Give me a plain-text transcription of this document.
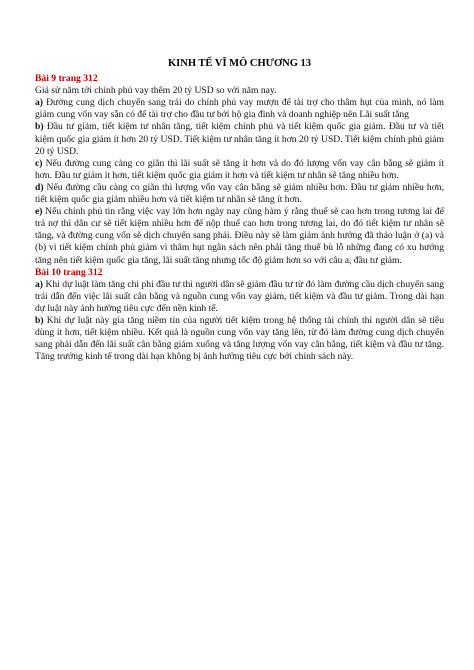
KINH TẾ VĨ MÔ CHƯƠNG 13
Bài 9 trang 312

Giả sử năm tới chính phủ vay thêm 20 tỷ USD so với năm nay.

a) Đường cung dịch chuyển sang trái do chính phủ vay mượn để tài trợ cho thâm hụt của mình, nó làm giảm cung vốn vay sẵn có để tài trợ cho đầu tư bởi hộ gia đình và doanh nghiệp nên Lãi suất tăng

b) Đầu tư giảm, tiết kiệm tư nhân tăng, tiết kiệm chính phủ và tiết kiệm quốc gia giảm. Đầu tư và tiết kiệm quốc gia giảm ít hơn 20 tỷ USD. Tiết kiệm tư nhân tăng ít hơn 20 tỷ USD. Tiết kiệm chính phủ giảm 20 tỷ USD.

c) Nếu đường cung càng co giãn thì lãi suất sẽ tăng ít hơn và do đó lượng vốn vay cân bằng sẽ giảm ít hơn. Đầu tư giảm ít hơn, tiết kiệm quốc gia giảm ít hơn và tiết kiệm tư nhân sẽ tăng nhiều hơn.

d) Nếu đường cầu càng co giãn thì lượng vốn vay cân bằng sẽ giảm nhiều hơn. Đầu tư giảm nhiều hơn, tiết kiệm quốc gia giảm nhiều hơn và tiết kiệm tư nhân sẽ tăng ít hơn.

e) Nếu chính phủ tin rằng việc vay lớn hơn ngày nay cũng hàm ý rằng thuế sẽ cao hơn trong tương lai để trả nợ thì dân cư sẽ tiết kiệm nhiều hơn để nộp thuế cao hơn trong tương lai, do đó tiết kiệm tư nhân sẽ tăng, và đường cung vốn sẽ dịch chuyển sang phải. Điều này sẽ làm giảm ảnh hưởng đã thảo luận ở (a) và (b) vì tiết kiệm chính phủ giảm vì thâm hụt ngân sách nên phải tăng thuế bù lỗ những đang có xu hướng tăng nên tiết kiệm quốc gia tăng, lãi suất tăng nhưng tốc độ giảm hơn so với câu a, đầu tư giảm.

Bài 10 trang 312

a) Khi dự luật làm tăng chi phí đầu tư thì người dân sẽ giảm đầu tư từ đó làm đường cầu dịch chuyển sang trái dẫn đến việc lãi suất cân bằng và nguồn cung vốn vay giảm, tiết kiệm và đầu tư giảm. Trong dài hạn dự luật này ảnh hưởng tiêu cực đến nền kinh tế.

b) Khi dự luật này gia tăng niềm tin của người tiết kiệm trong hệ thống tài chính thì người dân sẽ tiêu dùng ít hơn, tiết kiệm nhiều. Kết quả là nguồn cung vốn vay tăng lên, từ đó làm đường cung dịch chuyển sang phải dẫn đến lãi suất cân bằng giảm xuống và tăng lượng vốn vay cân bằng, tiết kiệm và đầu tư tăng. Tăng trưởng kinh tế trong dài hạn không bị ảnh hưởng tiêu cực bởi chính sách này.
